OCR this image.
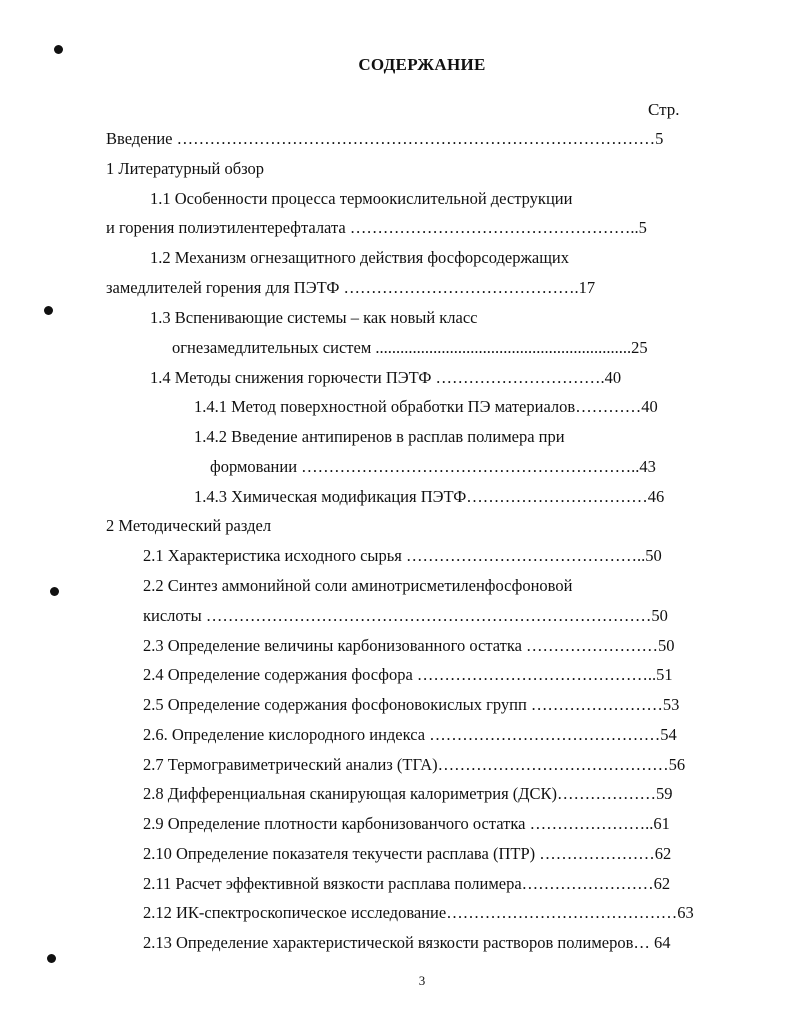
СОДЕРЖАНИЕ
Стр.
Введение ……………………………………………………………………………5
1 Литературный обзор
1.1 Особенности процесса термоокислительной деструкции
и горения полиэтилентерефталата ……………………………………………..5
1.2 Механизм огнезащитного действия фосфорсодержащих
замедлителей горения для ПЭТФ …………………………………….17
1.3 Вспенивающие системы – как новый класс
огнезамедлительных систем ..............................................................25
1.4 Методы снижения горючести ПЭТФ ………………………….40
1.4.1 Метод поверхностной обработки ПЭ материалов…………40
1.4.2 Введение антипиренов в расплав полимера при
формовании ……………………………………………………..43
1.4.3 Химическая модификация ПЭТФ……………………………46
2 Методический раздел
2.1 Характеристика исходного сырья ……………………………………..50
2.2 Синтез аммонийной соли аминотрисметиленфосфоновой
кислоты ………………………………………………………………………50
2.3 Определение величины карбонизованного остатка ……………………50
2.4 Определение содержания фосфора ……………………………………..51
2.5 Определение содержания фосфоновокислых групп ……………………53
2.6. Определение кислородного индекса ……………………………………54
2.7 Термогравиметрический анализ (ТГА)……………………………………56
2.8 Дифференциальная сканирующая калориметрия (ДСК)………………59
2.9 Определение плотности карбонизованчого остатка …………………..61
2.10 Определение показателя текучести расплава (ПТР) …………………62
2.11 Расчет эффективной вязкости расплава полимера……………………62
2.12 ИК-спектроскопическое исследование……………………………………63
2.13 Определение характеристической вязкости растворов полимеров… 64
3
